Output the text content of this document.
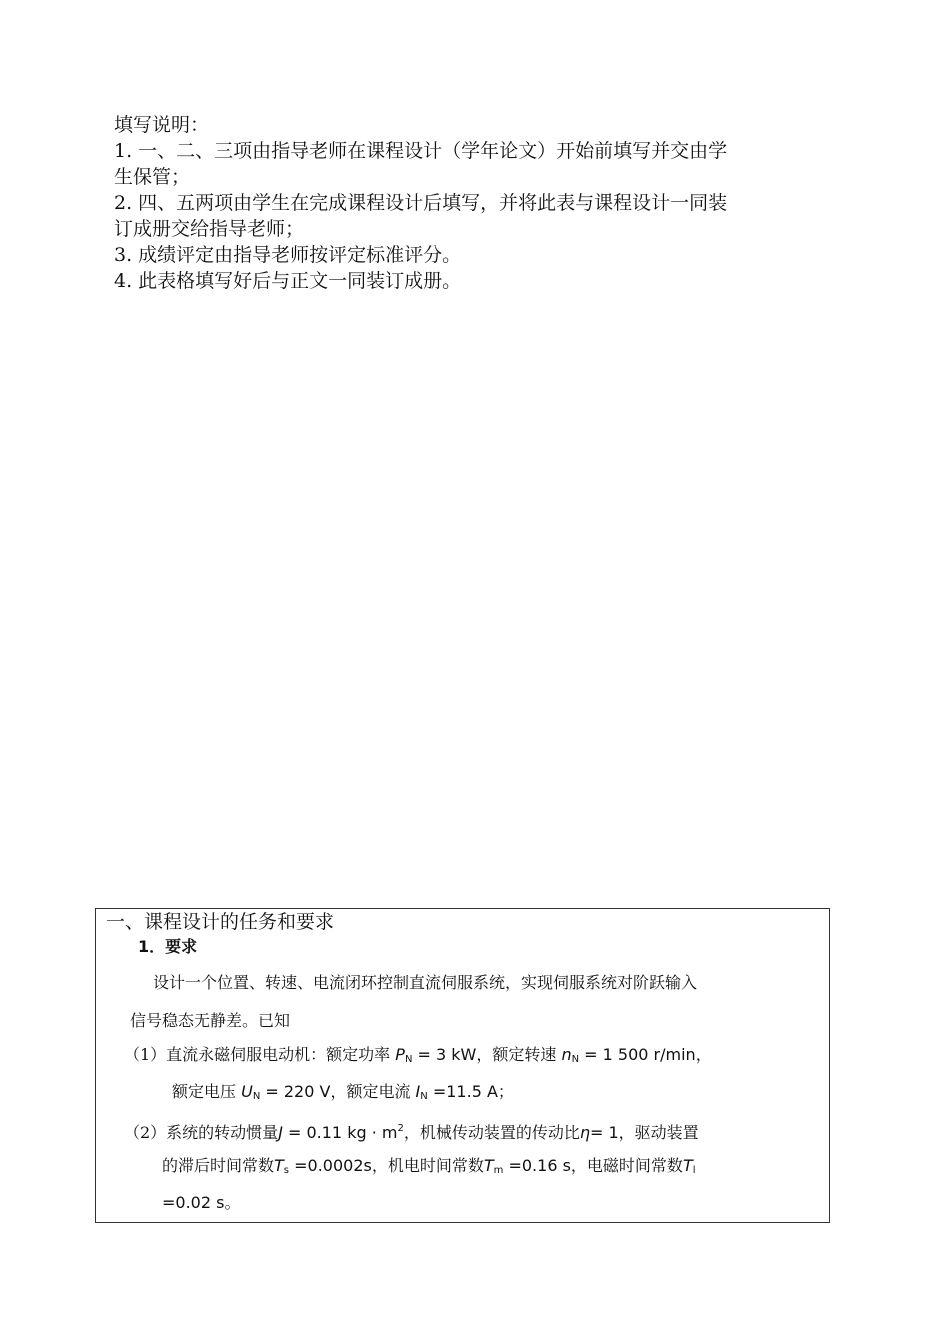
填写说明：

1. 一、二、三项由指导老师在课程设计（学年论文）开始前填写并交由学

生保管；

2. 四、五两项由学生在完成课程设计后填写，并将此表与课程设计一同装

订成册交给指导老师；

3. 成绩评定由指导老师按评定标准评分。

4. 此表格填写好后与正文一同装订成册。

一、课程设计的任务和要求
1．要求
设计一个位置、转速、电流闭环控制直流伺服系统，实现伺服系统对阶跃输入
信号稳态无静差。已知
（1）直流永磁伺服电动机：额定功率 $P_N = 3$ kW，额定转速 $n_N = 1$ 500 r/min，
额定电压 $U_N = 220$ V，额定电流 $I_N =11.5$ A；
（2）系统的转动惯量J = 0.11 kg · $m^2$，机械传动装置的传动比η= 1，驱动装置
的滞后时间常数$T_s =0.0002s$，机电时间常数$T_m =0.16$ s，电磁时间常数$T_l$
=0.02 s。
